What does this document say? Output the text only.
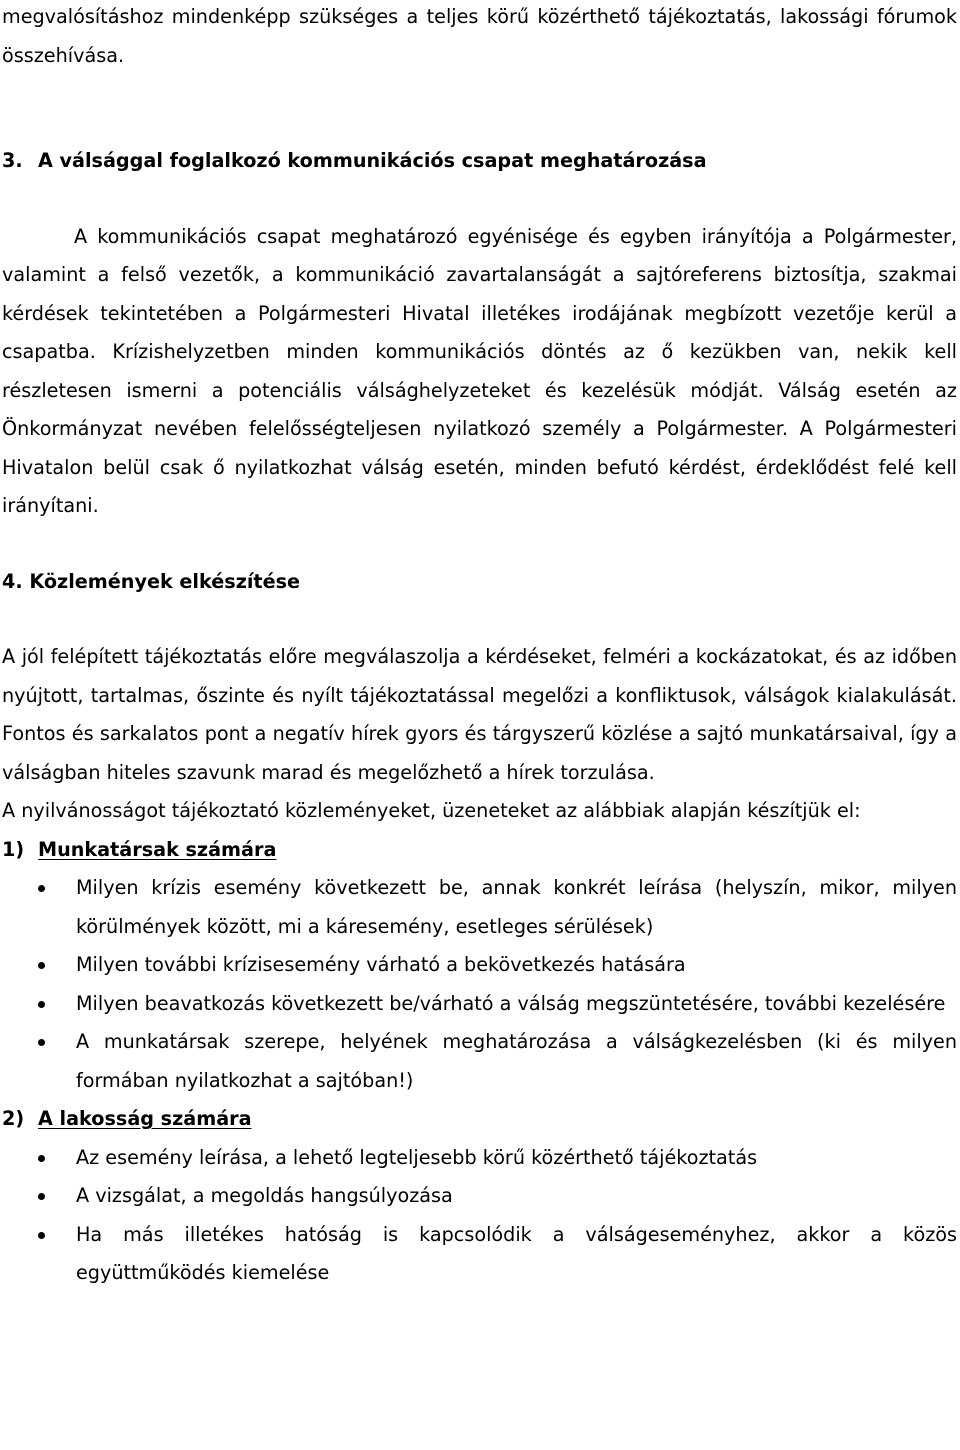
megvalósításhoz mindenképp szükséges a teljes körű közérthető tájékoztatás, lakossági fórumok összehívása.

3. A válsággal foglalkozó kommunikációs csapat meghatározása

A kommunikációs csapat meghatározó egyénisége és egyben irányítója a Polgármester, valamint a felső vezetők, a kommunikáció zavartalanságát a sajtóreferens biztosítja, szakmai kérdések tekintetében a Polgármesteri Hivatal illetékes irodájának megbízott vezetője kerül a csapatba. Krízishelyzetben minden kommunikációs döntés az ő kezükben van, nekik kell részletesen ismerni a potenciális válsághelyzeteket és kezelésük módját. Válság esetén az Önkormányzat nevében felelősségteljesen nyilatkozó személy a Polgármester. A Polgármesteri Hivatalon belül csak ő nyilatkozhat válság esetén, minden befutó kérdést, érdeklődést felé kell irányítani.

4. Közlemények elkészítése

A jól felépített tájékoztatás előre megválaszolja a kérdéseket, felméri a kockázatokat, és az időben nyújtott, tartalmas, őszinte és nyílt tájékoztatással megelőzi a konfliktusok, válságok kialakulását. Fontos és sarkalatos pont a negatív hírek gyors és tárgyszerű közlése a sajtó munkatársaival, így a válságban hiteles szavunk marad és megelőzhető a hírek torzulása.

A nyilvánosságot tájékoztató közleményeket, üzeneteket az alábbiak alapján készítjük el:

1) Munkatársak számára
Milyen krízis esemény következett be, annak konkrét leírása (helyszín, mikor, milyen körülmények között, mi a káresemény, esetleges sérülések)
Milyen további krízisesemény várható a bekövetkezés hatására
Milyen beavatkozás következett be/várható a válság megszüntetésére, további kezelésére
A munkatársak szerepe, helyének meghatározása a válságkezelésben (ki és milyen formában nyilatkozhat a sajtóban!)
2) A lakosság számára
Az esemény leírása, a lehető legteljesebb körű közérthető tájékoztatás
A vizsgálat, a megoldás hangsúlyozása
Ha más illetékes hatóság is kapcsolódik a válságeseményhez, akkor a közös együttműködés kiemelése
